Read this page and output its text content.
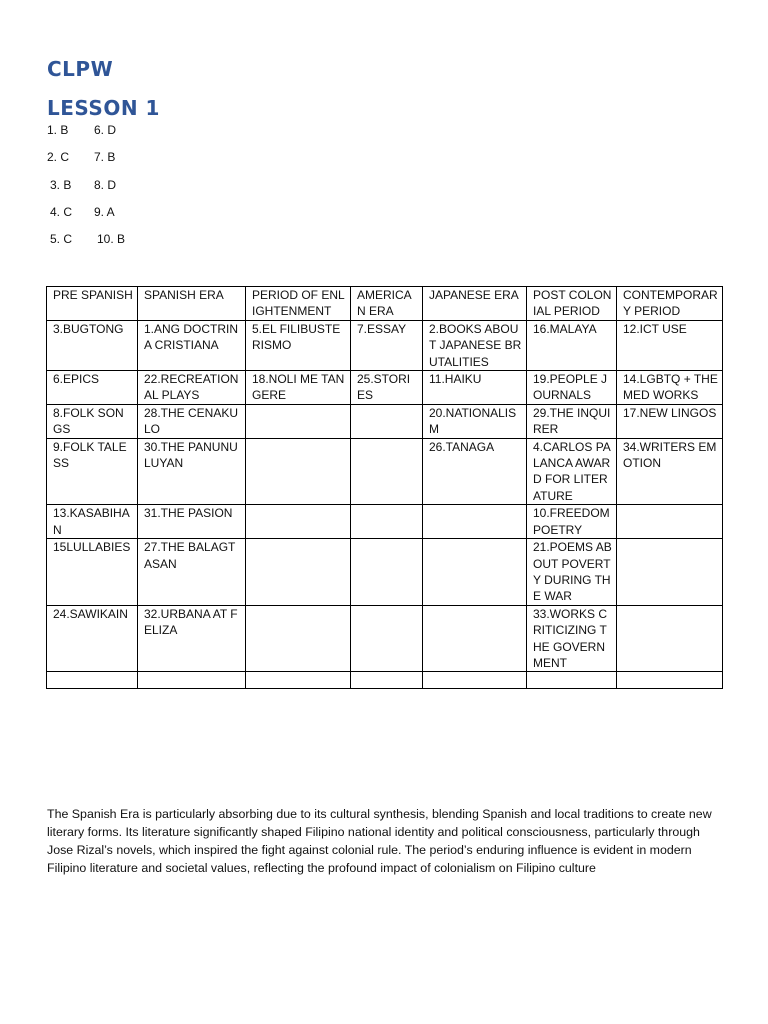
CLPW
LESSON 1
1. B 6. D
2. C 7. B
3. B 8. D
4. C 9. A
5. C 10. B
PRE SPANISH	SPANISH ERA	PERIOD OF ENLIGHTENMENT	AMERICAN ERA	JAPANESE ERA	POST COLONIAL PERIOD	CONTEMPORARY PERIOD
3.BUGTONG	1.ANG DOCTRINA CRISTIANA	5.EL FILIBUSTERISMO	7.ESSAY	2.BOOKS ABOUT JAPANESE BRUTALITIES	16.MALAYA	12.ICT USE
6.EPICS	22.RECREATIONAL PLAYS	18.NOLI ME TANGERE	25.STORIES	11.HAIKU	19.PEOPLE JOURNALS	14.LGBTQ + THEMED WORKS
8.FOLK SONGS	28.THE CENAKULO			20.NATIONALISM	29.THE INQUIRER	17.NEW LINGOS
9.FOLK TALESS	30.THE PANUNULUYAN			26.TANAGA	4.CARLOS PALANCA AWARD FOR LITERATURE	34.WRITERS EMOTION
13.KASABIHAN	31.THE PASION				10.FREEDOM POETRY	
15LULLABIES	27.THE BALAGTASAN				21.POEMS ABOUT POVERTY DURING THE WAR	
24.SAWIKAIN	32.URBANA AT FELIZA				33.WORKS CRITICIZING THE GOVERNMENT	

The Spanish Era is particularly absorbing due to its cultural synthesis, blending Spanish and local traditions to create new literary forms. Its literature significantly shaped Filipino national identity and political consciousness, particularly through Jose Rizal’s novels, which inspired the fight against colonial rule. The period’s enduring influence is evident in modern Filipino literature and societal values, reflecting the profound impact of colonialism on Filipino culture
